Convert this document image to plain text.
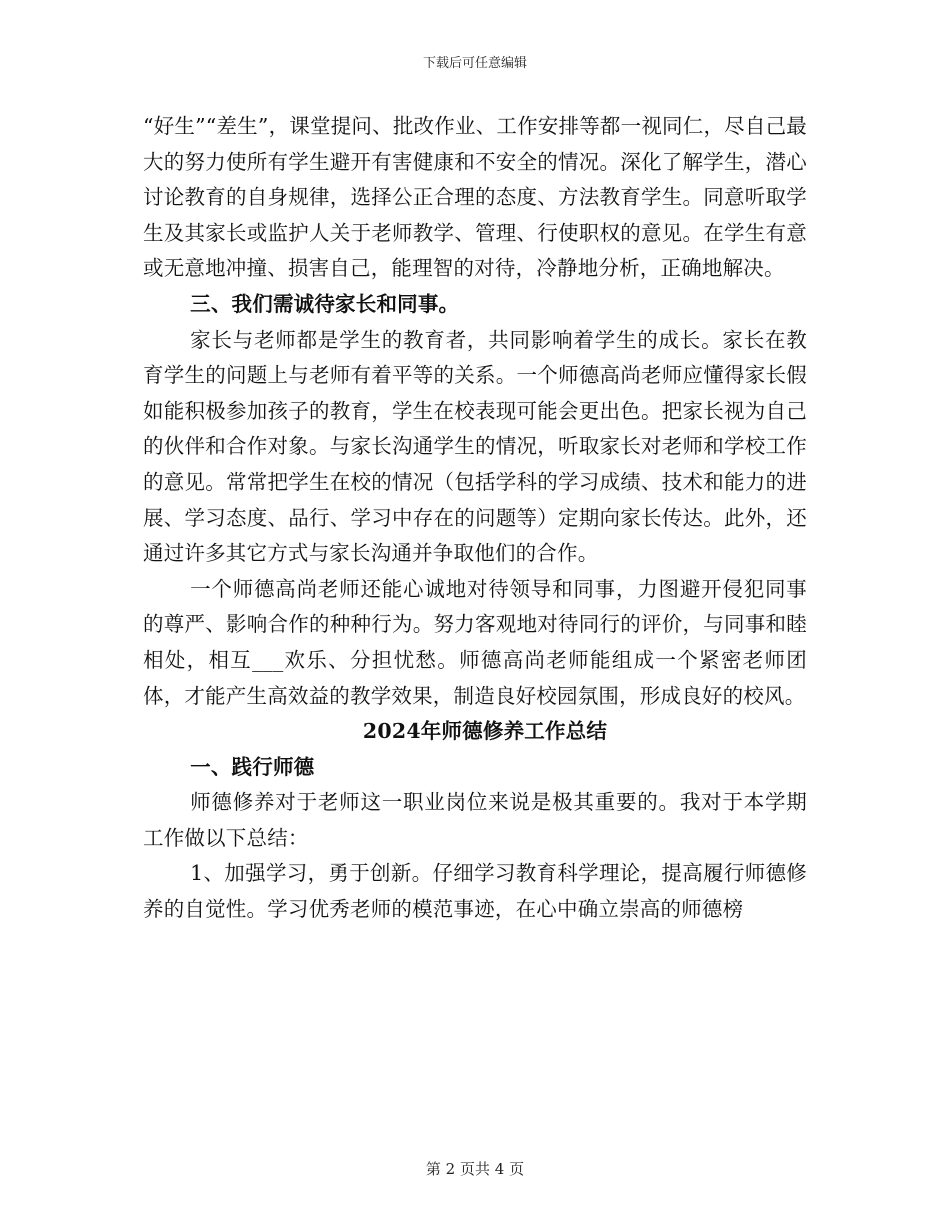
下载后可任意编辑

“好生”“差生”，课堂提问、批改作业、工作安排等都一视同仁，尽自己最大的努力使所有学生避开有害健康和不安全的情况。深化了解学生，潜心讨论教育的自身规律，选择公正合理的态度、方法教育学生。同意听取学生及其家长或监护人关于老师教学、管理、行使职权的意见。在学生有意或无意地冲撞、损害自己，能理智的对待，冷静地分析，正确地解决。

三、我们需诚待家长和同事。

家长与老师都是学生的教育者，共同影响着学生的成长。家长在教育学生的问题上与老师有着平等的关系。一个师德高尚老师应懂得家长假如能积极参加孩子的教育，学生在校表现可能会更出色。把家长视为自己的伙伴和合作对象。与家长沟通学生的情况，听取家长对老师和学校工作的意见。常常把学生在校的情况（包括学科的学习成绩、技术和能力的进展、学习态度、品行、学习中存在的问题等）定期向家长传达。此外，还通过许多其它方式与家长沟通并争取他们的合作。

一个师德高尚老师还能心诚地对待领导和同事，力图避开侵犯同事的尊严、影响合作的种种行为。努力客观地对待同行的评价，与同事和睦相处，相互___欢乐、分担忧愁。师德高尚老师能组成一个紧密老师团体，才能产生高效益的教学效果，制造良好校园氛围，形成良好的校风。

2024年师德修养工作总结

一、践行师德

师德修养对于老师这一职业岗位来说是极其重要的。我对于本学期工作做以下总结：

1、加强学习，勇于创新。仔细学习教育科学理论，提高履行师德修养的自觉性。学习优秀老师的模范事迹，在心中确立崇高的师德榜

第 2 页共 4 页
